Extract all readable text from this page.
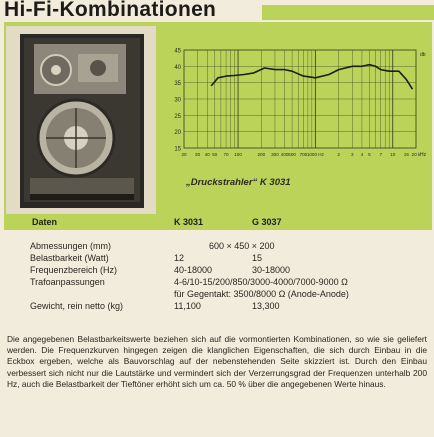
Hi-Fi-Kombinationen
45
40
35
30
25
20
15
20 30 40 50 70 100	200 300 400 500 700 1000 Hz	2 3 4 5 7 10 15 20 k
db
Hz
„Druckstrahler“ K 3031
Daten	K 3031	G 3037
Abmessungen (mm)	600 × 450 × 200
Belastbarkeit (Watt)	12	15
Frequenzbereich (Hz)	40-18000	30-18000
Trafoanpassungen	4-6/10-15/200/850/3000-4000/7000-9000 Ω
für Gegentakt: 3500/8000 Ω (Anode-Anode)
Gewicht, rein netto (kg)	11,100	13,300
Die angegebenen Belastbarkeitswerte beziehen sich auf die vormontierten Kombinationen, so wie sie geliefert werden. Die Frequenzkurven hingegen zeigen die klanglichen Eigenschaften, die sich durch Einbau in die Eckbox ergeben, welche als Bauvorschlag auf der nebenstehenden Seite skizziert ist. Durch den Einbau verbessert sich nicht nur die Lautstärke und vermindert sich der Verzerrungsgrad der Frequenzen unterhalb 200 Hz, auch die Belastbarkeit der Tieftöner erhöht sich um ca. 50 % über die angegebenen Werte hinaus.
